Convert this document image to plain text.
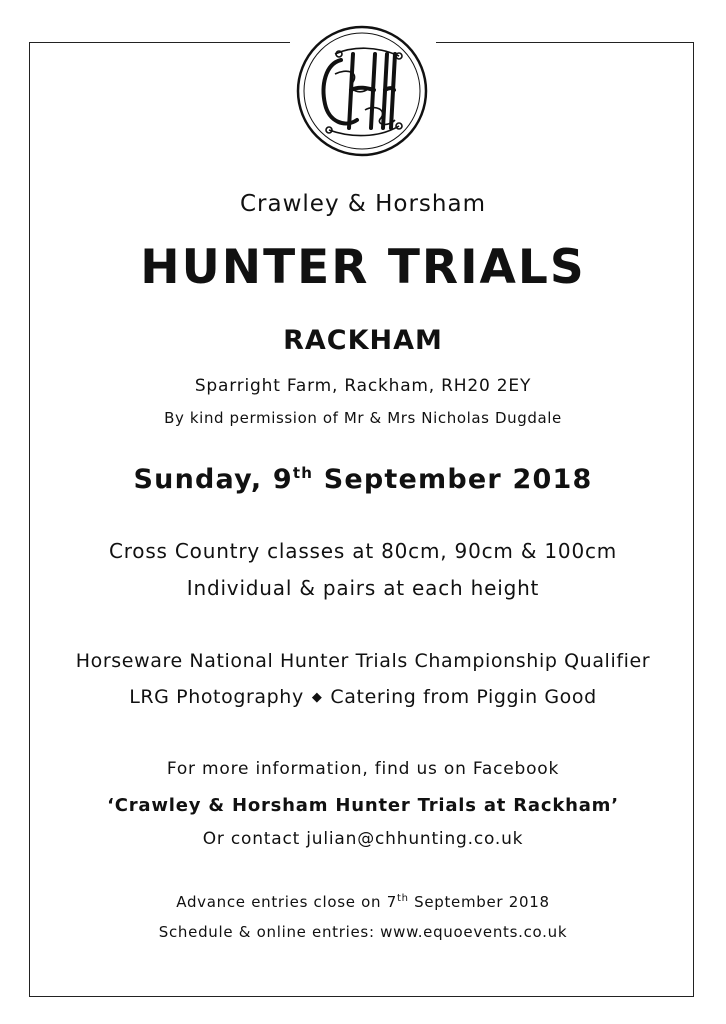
Crawley & Horsham
HUNTER TRIALS
RACKHAM
Sparright Farm, Rackham, RH20 2EY
By kind permission of Mr & Mrs Nicholas Dugdale
Sunday, 9th September 2018
Cross Country classes at 80cm, 90cm & 100cm
Individual & pairs at each height
Horseware National Hunter Trials Championship Qualifier
LRG Photography ◆ Catering from Piggin Good
For more information, find us on Facebook
‘Crawley & Horsham Hunter Trials at Rackham’
Or contact julian@chhunting.co.uk
Advance entries close on 7th September 2018
Schedule & online entries: www.equoevents.co.uk
